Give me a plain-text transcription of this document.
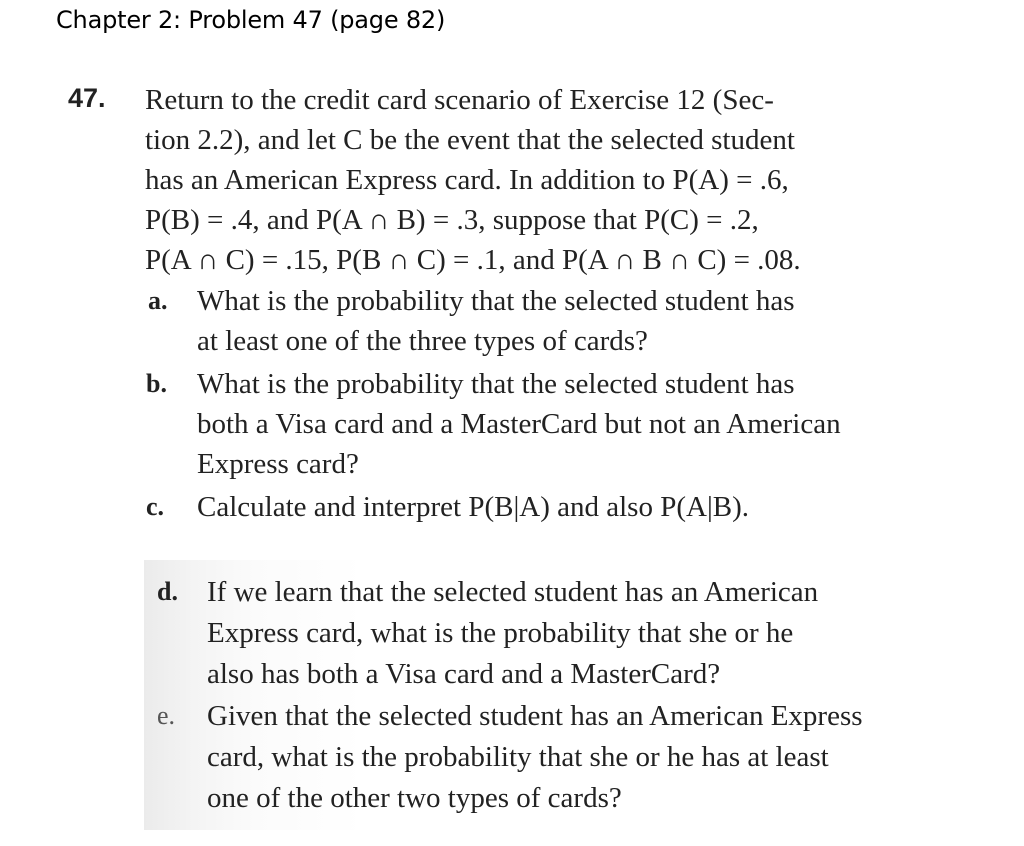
Chapter 2: Problem 47 (page 82)
47. Return to the credit card scenario of Exercise 12 (Sec-
tion 2.2), and let C be the event that the selected student
has an American Express card. In addition to P(A) = .6,
P(B) = .4, and P(A ∩ B) = .3, suppose that P(C) = .2,
P(A ∩ C) = .15, P(B ∩ C) = .1, and P(A ∩ B ∩ C) = .08.
a. What is the probability that the selected student has
at least one of the three types of cards?
b. What is the probability that the selected student has
both a Visa card and a MasterCard but not an American
Express card?
c. Calculate and interpret P(B|A) and also P(A|B).
d. If we learn that the selected student has an American
Express card, what is the probability that she or he
also has both a Visa card and a MasterCard?
e. Given that the selected student has an American Express
card, what is the probability that she or he has at least
one of the other two types of cards?
